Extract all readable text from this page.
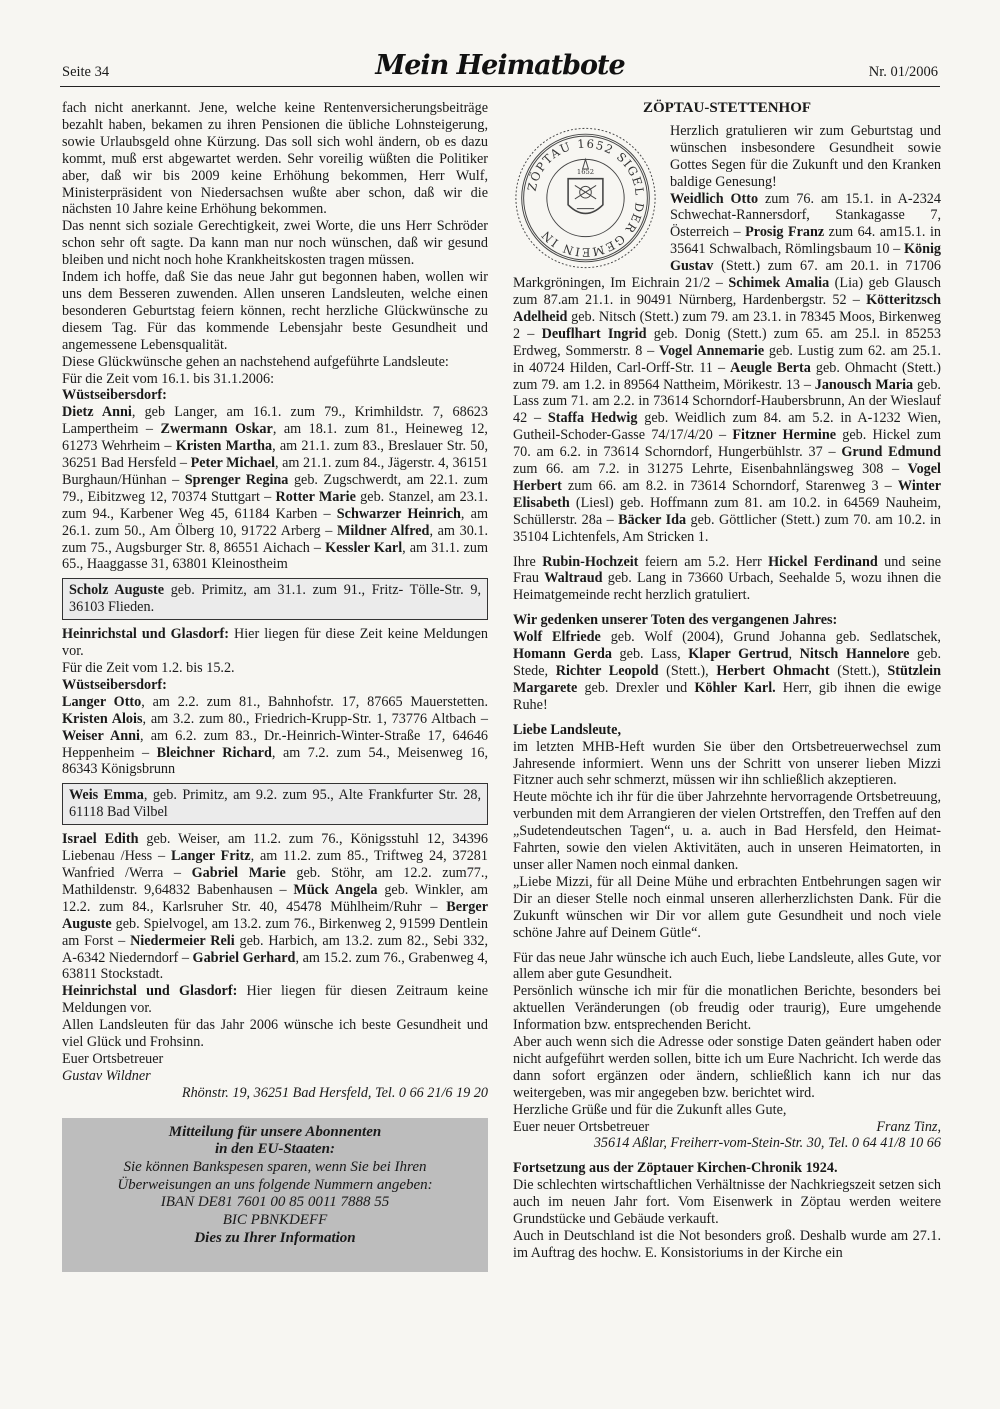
Seite 34	Mein Heimatbote	Nr. 01/2006

fach nicht anerkannt. Jene, welche keine Rentenversicherungsbeiträge bezahlt haben, bekamen zu ihren Pensionen die übliche Lohnsteigerung, sowie Urlaubsgeld ohne Kürzung. Das soll sich wohl ändern, ob es dazu kommt, muß erst abgewartet werden. Sehr voreilig wüßten die Politiker aber, daß wir bis 2009 keine Erhöhung bekommen, Herr Wulf, Ministerpräsident von Niedersachsen wußte aber schon, daß wir die nächsten 10 Jahre keine Erhöhung bekommen.

Das nennt sich soziale Gerechtigkeit, zwei Worte, die uns Herr Schröder schon sehr oft sagte. Da kann man nur noch wünschen, daß wir gesund bleiben und nicht noch hohe Krankheitskosten tragen müssen.

Indem ich hoffe, daß Sie das neue Jahr gut begonnen haben, wollen wir uns dem Besseren zuwenden. Allen unseren Landsleuten, welche einen besonderen Geburtstag feiern können, recht herzliche Glückwünsche zu diesem Tag. Für das kommende Lebensjahr beste Gesundheit und angemessene Lebensqualität.

Diese Glückwünsche gehen an nachstehend aufgeführte Landsleute:

Für die Zeit vom 16.1. bis 31.1.2006:

Wüstseibersdorf:

Dietz Anni, geb Langer, am 16.1. zum 79., Krimhildstr. 7, 68623 Lampertheim – Zwermann Oskar, am 18.1. zum 81., Heineweg 12, 61273 Wehrheim – Kristen Martha, am 21.1. zum 83., Breslauer Str. 50, 36251 Bad Hersfeld – Peter Michael, am 21.1. zum 84., Jägerstr. 4, 36151 Burghaun/Hünhan – Sprenger Regina geb. Zugschwerdt, am 22.1. zum 79., Eibitzweg 12, 70374 Stuttgart – Rotter Marie geb. Stanzel, am 23.1. zum 94., Karbener Weg 45, 61184 Karben – Schwarzer Heinrich, am 26.1. zum 50., Am Ölberg 10, 91722 Arberg – Mildner Alfred, am 30.1. zum 75., Augsburger Str. 8, 86551 Aichach – Kessler Karl, am 31.1. zum 65., Haaggasse 31, 63801 Kleinostheim

Scholz Auguste geb. Primitz, am 31.1. zum 91., Fritz- Tölle-Str. 9, 36103 Flieden.

Heinrichstal und Glasdorf: Hier liegen für diese Zeit keine Meldungen vor.

Für die Zeit vom 1.2. bis 15.2.

Wüstseibersdorf:

Langer Otto, am 2.2. zum 81., Bahnhofstr. 17, 87665 Mauerstetten. Kristen Alois, am 3.2. zum 80., Friedrich-Krupp-Str. 1, 73776 Altbach – Weiser Anni, am 6.2. zum 83., Dr.-Heinrich-Winter-Straße 17, 64646 Heppenheim – Bleichner Richard, am 7.2. zum 54., Meisenweg 16, 86343 Königsbrunn

Weis Emma, geb. Primitz, am 9.2. zum 95., Alte Frankfurter Str. 28, 61118 Bad Vilbel

Israel Edith geb. Weiser, am 11.2. zum 76., Königsstuhl 12, 34396 Liebenau /Hess – Langer Fritz, am 11.2. zum 85., Triftweg 24, 37281 Wanfried /Werra – Gabriel Marie geb. Stöhr, am 12.2. zum77., Mathildenstr. 9,64832 Babenhausen – Mück Angela geb. Winkler, am 12.2. zum 84., Karlsruher Str. 40, 45478 Mühlheim/Ruhr – Berger Auguste geb. Spielvogel, am 13.2. zum 76., Birkenweg 2, 91599 Dentlein am Forst – Niedermeier Reli geb. Harbich, am 13.2. zum 82., Sebi 332, A-6342 Niederndorf – Gabriel Gerhard, am 15.2. zum 76., Grabenweg 4, 63811 Stockstadt.

Heinrichstal und Glasdorf: Hier liegen für diesen Zeitraum keine Meldungen vor.

Allen Landsleuten für das Jahr 2006 wünsche ich beste Gesundheit und viel Glück und Frohsinn.

Euer Ortsbetreuer

Gustav Wildner

Rhönstr. 19, 36251 Bad Hersfeld, Tel. 0 66 21/6 19 20

Mitteilung für unsere Abonnenten
in den EU-Staaten:
Sie können Bankspesen sparen, wenn Sie bei Ihren
Überweisungen an uns folgende Nummern angeben:
IBAN DE81 7601 00 85 0011 7888 55
BIC PBNKDEFF
Dies zu Ihrer Information
ZÖPTAU-STETTENHOF
ZÖPTAU 1652 SIGEL DER GEMEIN IN
1652

Herzlich gratulieren wir zum Geburtstag und wünschen insbesondere Gesundheit sowie Gottes Segen für die Zukunft und den Kranken baldige Genesung!

Weidlich Otto zum 76. am 15.1. in A-2324 Schwechat-Rannersdorf, Stankagasse 7, Österreich – Prosig Franz zum 64. am15.1. in 35641 Schwalbach, Römlingsbaum 10 – König Gustav (Stett.) zum 67. am 20.1. in 71706 Markgröningen, Im Eichrain 21/2 – Schimek Amalia (Lia) geb Glausch zum 87.am 21.1. in 90491 Nürnberg, Hardenbergstr. 52 – Kötteritzsch Adelheid geb. Nitsch (Stett.) zum 79. am 23.1. in 78345 Moos, Birkenweg 2 – Deuflhart Ingrid geb. Donig (Stett.) zum 65. am 25.l. in 85253 Erdweg, Sommerstr. 8 – Vogel Annemarie geb. Lustig zum 62. am 25.1. in 40724 Hilden, Carl-Orff-Str. 11 – Aeugle Berta geb. Ohmacht (Stett.) zum 79. am 1.2. in 89564 Nattheim, Mörikestr. 13 – Janousch Maria geb. Lass zum 71. am 2.2. in 73614 Schorndorf-Haubersbrunn, An der Wieslauf 42 – Staffa Hedwig geb. Weidlich zum 84. am 5.2. in A-1232 Wien, Gutheil-Schoder-Gasse 74/17/4/20 – Fitzner Hermine geb. Hickel zum 70. am 6.2. in 73614 Schorndorf, Hungerbühlstr. 37 – Grund Edmund zum 66. am 7.2. in 31275 Lehrte, Eisenbahnlängsweg 308 – Vogel Herbert zum 66. am 8.2. in 73614 Schorndorf, Starenweg 3 – Winter Elisabeth (Liesl) geb. Hoffmann zum 81. am 10.2. in 64569 Nauheim, Schüllerstr. 28a – Bäcker Ida geb. Göttlicher (Stett.) zum 70. am 10.2. in 35104 Lichtenfels, Am Stricken 1.

Ihre Rubin-Hochzeit feiern am 5.2. Herr Hickel Ferdinand und seine Frau Waltraud geb. Lang in 73660 Urbach, Seehalde 5, wozu ihnen die Heimatgemeinde recht herzlich gratuliert.

Wir gedenken unserer Toten des vergangenen Jahres:

Wolf Elfriede geb. Wolf (2004), Grund Johanna geb. Sedlatschek, Homann Gerda geb. Lass, Klaper Gertrud, Nitsch Hannelore geb. Stede, Richter Leopold (Stett.), Herbert Ohmacht (Stett.), Stützlein Margarete geb. Drexler und Köhler Karl. Herr, gib ihnen die ewige Ruhe!

Liebe Landsleute,

im letzten MHB-Heft wurden Sie über den Ortsbetreuerwechsel zum Jahresende informiert. Wenn uns der Schritt von unserer lieben Mizzi Fitzner auch sehr schmerzt, müssen wir ihn schließlich akzeptieren.

Heute möchte ich ihr für die über Jahrzehnte hervorragende Ortsbetreuung, verbunden mit dem Arrangieren der vielen Ortstreffen, den Treffen auf den „Sudetendeutschen Tagen“, u. a. auch in Bad Hersfeld, den Heimat-Fahrten, sowie den vielen Aktivitäten, auch in unseren Heimatorten, in unser aller Namen noch einmal danken.

„Liebe Mizzi, für all Deine Mühe und erbrachten Entbehrungen sagen wir Dir an dieser Stelle noch einmal unseren allerherzlichsten Dank. Für die Zukunft wünschen wir Dir vor allem gute Gesundheit und noch viele schöne Jahre auf Deinem Gütle“.

Für das neue Jahr wünsche ich auch Euch, liebe Landsleute, alles Gute, vor allem aber gute Gesundheit.

Persönlich wünsche ich mir für die monatlichen Berichte, besonders bei aktuellen Veränderungen (ob freudig oder traurig), Eure umgehende Information bzw. entsprechenden Bericht.

Aber auch wenn sich die Adresse oder sonstige Daten geändert haben oder nicht aufgeführt werden sollen, bitte ich um Eure Nachricht. Ich werde das dann sofort ergänzen oder ändern, schließlich kann ich nur das weitergeben, was mir angegeben bzw. berichtet wird.

Herzliche Grüße und für die Zukunft alles Gute,

Euer neuer Ortsbetreuer	Franz Tinz,

35614 Aßlar, Freiherr-vom-Stein-Str. 30, Tel. 0 64 41/8 10 66

Fortsetzung aus der Zöptauer Kirchen-Chronik 1924.

Die schlechten wirtschaftlichen Verhältnisse der Nachkriegszeit setzen sich auch im neuen Jahr fort. Vom Eisenwerk in Zöptau werden weitere Grundstücke und Gebäude verkauft.

Auch in Deutschland ist die Not besonders groß. Deshalb wurde am 27.1. im Auftrag des hochw. E. Konsistoriums in der Kirche ein
